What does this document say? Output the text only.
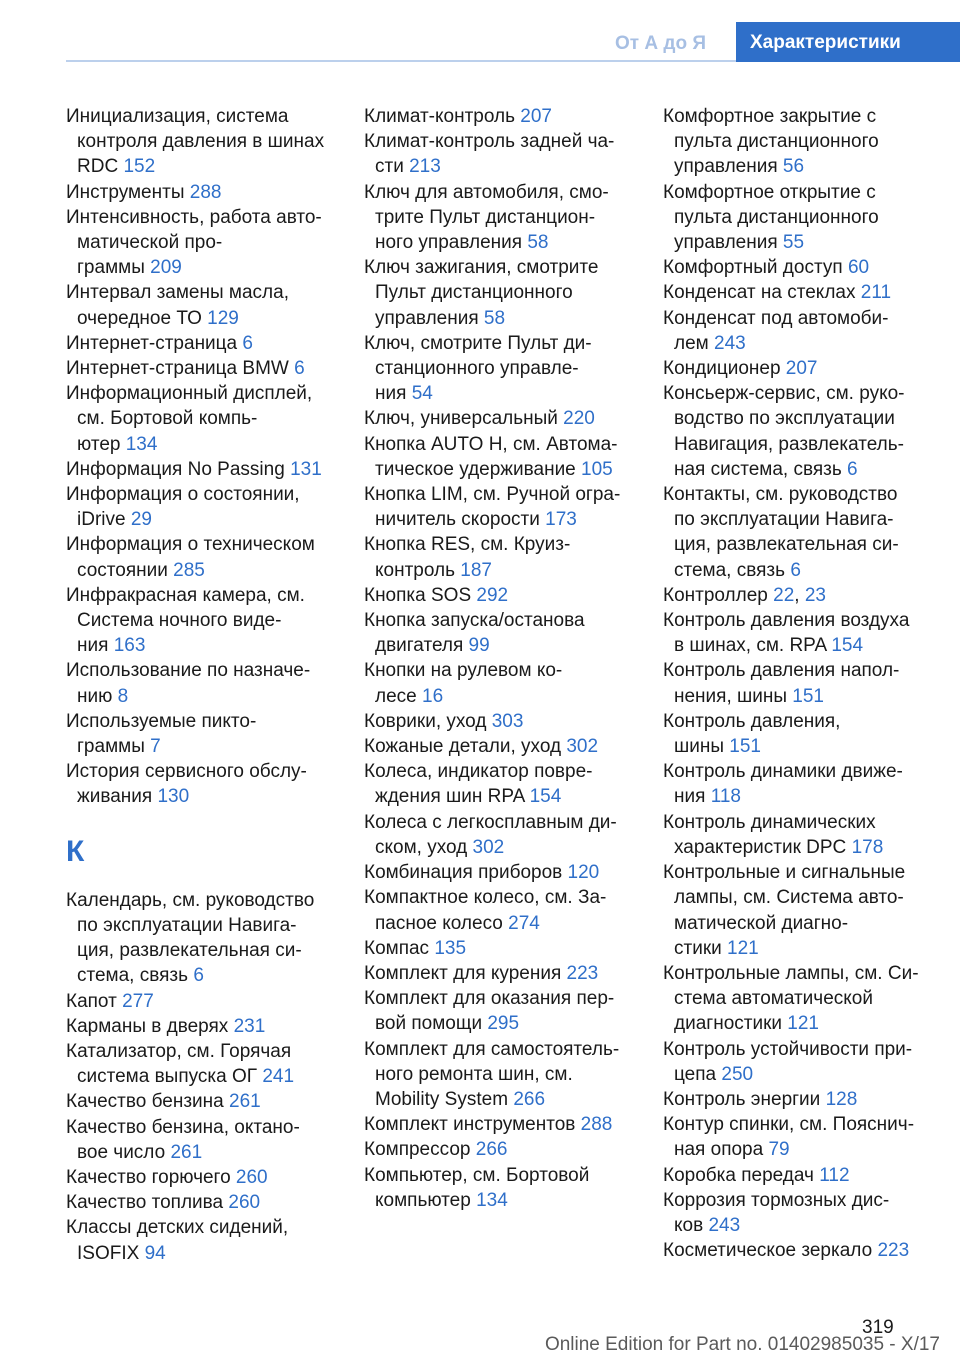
От А до Я	Характеристики

Инициализация, система
контроля давления в шинах
RDC 152

Инструменты 288

Интенсивность, работа авто-
матической про-
граммы 209

Интервал замены масла,
очередное ТО 129

Интернет-страница 6

Интернет-страница BMW 6

Информационный дисплей,
см. Бортовой компь-
ютер 134

Информация No Passing 131

Информация о состоянии,
iDrive 29

Информация о техническом
состоянии 285

Инфракрасная камера, см.
Система ночного виде-
ния 163

Использование по назначе-
нию 8

Используемые пикто-
граммы 7

История сервисного обслу-
живания 130

К

Календарь, см. руководство
по эксплуатации Навига-
ция, развлекательная си-
стема, связь 6

Капот 277

Карманы в дверях 231

Катализатор, см. Горячая
система выпуска ОГ 241

Качество бензина 261

Качество бензина, октано-
вое число 261

Качество горючего 260

Качество топлива 260

Классы детских сидений,
ISOFIX 94

Климат-контроль 207

Климат-контроль задней ча-
сти 213

Ключ для автомобиля, смо-
трите Пульт дистанцион-
ного управления 58

Ключ зажигания, смотрите
Пульт дистанционного
управления 58

Ключ, смотрите Пульт ди-
станционного управле-
ния 54

Ключ, универсальный 220

Кнопка AUTO H, см. Автома-
тическое удерживание 105

Кнопка LIM, см. Ручной огра-
ничитель скорости 173

Кнопка RES, см. Круиз-
контроль 187

Кнопка SOS 292

Кнопка запуска/останова
двигателя 99

Кнопки на рулевом ко-
лесе 16

Коврики, уход 303

Кожаные детали, уход 302

Колеса, индикатор повре-
ждения шин RPA 154

Колеса с легкосплавным ди-
ском, уход 302

Комбинация приборов 120

Компактное колесо, см. За-
пасное колесо 274

Компас 135

Комплект для курения 223

Комплект для оказания пер-
вой помощи 295

Комплект для самостоятель-
ного ремонта шин, см.
Mobility System 266

Комплект инструментов 288

Компрессор 266

Компьютер, см. Бортовой
компьютер 134

Комфортное закрытие с
пульта дистанционного
управления 56

Комфортное открытие с
пульта дистанционного
управления 55

Комфортный доступ 60

Конденсат на стеклах 211

Конденсат под автомоби-
лем 243

Кондиционер 207

Консьерж-сервис, см. руко-
водство по эксплуатации
Навигация, развлекатель-
ная система, связь 6

Контакты, см. руководство
по эксплуатации Навига-
ция, развлекательная си-
стема, связь 6

Контроллер 22, 23

Контроль давления воздуха
в шинах, см. RPA 154

Контроль давления напол-
нения, шины 151

Контроль давления,
шины 151

Контроль динамики движе-
ния 118

Контроль динамических
характеристик DPC 178

Контрольные и сигнальные
лампы, см. Система авто-
матической диагно-
стики 121

Контрольные лампы, см. Си-
стема автоматической
диагностики 121

Контроль устойчивости при-
цепа 250

Контроль энергии 128

Контур спинки, см. Пояснич-
ная опора 79

Коробка передач 112

Коррозия тормозных дис-
ков 243

Косметическое зеркало 223

319
Online Edition for Part no. 01402985035 - X/17
